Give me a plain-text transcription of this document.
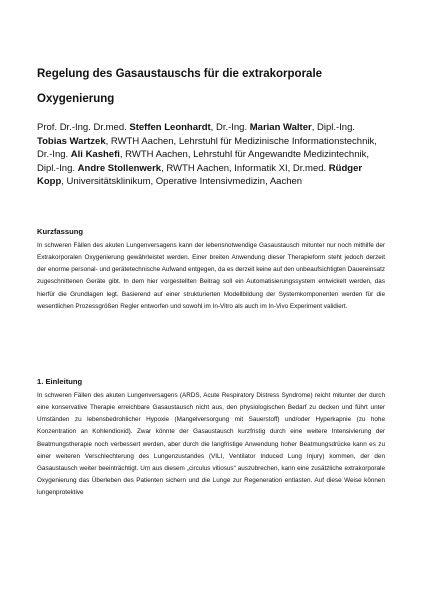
Regelung des Gasaustauschs für die extrakorporale Oxygenierung

Prof. Dr.-Ing. Dr.med. Steffen Leonhardt, Dr.-Ing. Marian Walter, Dipl.-Ing. Tobias Wartzek, RWTH Aachen, Lehrstuhl für Medizinische Informationstechnik, Dr.-Ing. Ali Kashefi, RWTH Aachen, Lehrstuhl für Angewandte Medizintechnik, Dipl.-Ing. Andre Stollenwerk, RWTH Aachen, Informatik XI, Dr.med. Rüdger Kopp, Universitätsklinikum, Operative Intensivmedizin, Aachen

Kurzfassung

In schweren Fällen des akuten Lungenversagens kann der lebensnotwendige Gasaustausch mitunter nur noch mithilfe der Extrakorporalen Oxygenierung gewährleistet werden. Einer breiten Anwendung dieser Therapieform steht jedoch derzeit der enorme personal- und gerätetechnische Aufwand entgegen, da es derzeit keine auf den unbeaufsichtigten Dauereinsatz zugeschnittenen Geräte gibt. In dem hier vorgestellten Beitrag soll ein Automatisierungssystem entwickelt werden, das hierfür die Grundlagen legt. Basierend auf einer strukturierten Modellbildung der Systemkomponenten werden für die wesentlichen Prozessgrößen Regler entworfen und sowohl im In-Vitro als auch im In-Vivo Experiment validiert.

1. Einleitung

In schweren Fällen des akuten Lungenversagens (ARDS, Acute Respiratory Distress Syndrome) reicht mitunter der durch eine konservative Therapie erreichbare Gasaustausch nicht aus, den physiologischen Bedarf zu decken und führt unter Umständen zu lebensbedrohlicher Hypoxie (Mangelversorgung mit Sauerstoff) und/oder Hyperkapnie (zu hohe Konzentration an Kohlendioxid). Zwar könnte der Gasaustausch kurzfristig durch eine weitere Intensivierung der Beatmungstherapie noch verbessert werden, aber durch die langfristige Anwendung hoher Beatmungsdrücke kann es zu einer weiteren Verschlechterung des Lungenzustandes (VILI, Ventilator Induced Lung Injury) kommen, der den Gasaustausch weiter beeinträchtigt. Um aus diesem „circulus vitiosus“ auszubrechen, kann eine zusätzliche extrakorporale Oxygenierung das Überleben des Patienten sichern und die Lunge zur Regeneration entlasten. Auf diese Weise können lungenprotektive
